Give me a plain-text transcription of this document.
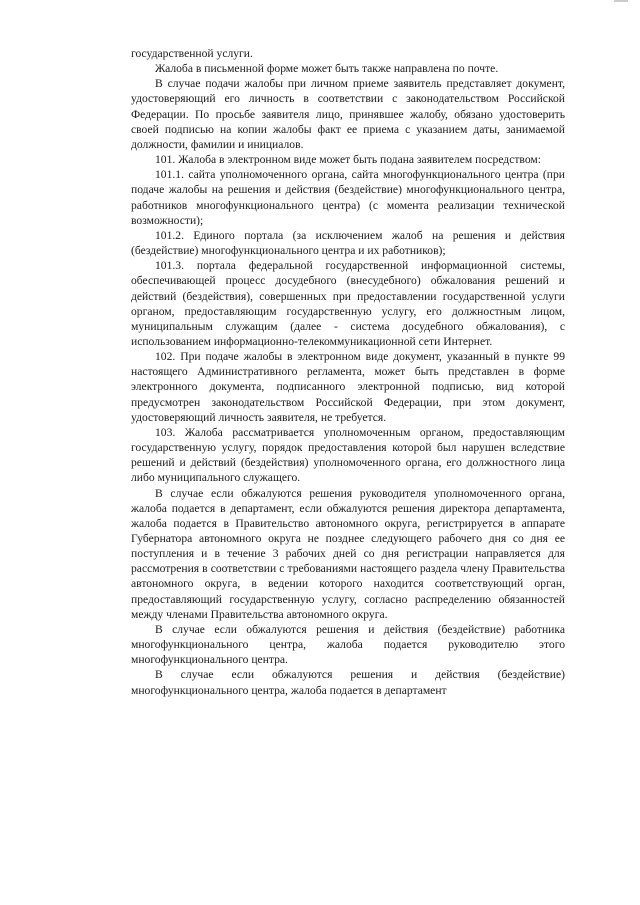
государственной услуги.

Жалоба в письменной форме может быть также направлена по почте.

В случае подачи жалобы при личном приеме заявитель представляет документ, удостоверяющий его личность в соответствии с законодательством Российской Федерации. По просьбе заявителя лицо, принявшее жалобу, обязано удостоверить своей подписью на копии жалобы факт ее приема с указанием даты, занимаемой должности, фамилии и инициалов.

101. Жалоба в электронном виде может быть подана заявителем посредством:

101.1. сайта уполномоченного органа, сайта многофункционального центра (при подаче жалобы на решения и действия (бездействие) многофункционального центра, работников многофункционального центра) (с момента реализации технической возможности);

101.2. Единого портала (за исключением жалоб на решения и действия (бездействие) многофункционального центра и их работников);

101.3. портала федеральной государственной информационной системы, обеспечивающей процесс досудебного (внесудебного) обжалования решений и действий (бездействия), совершенных при предоставлении государственной услуги органом, предоставляющим государственную услугу, его должностным лицом, муниципальным служащим (далее - система досудебного обжалования), с использованием информационно-телекоммуникационной сети Интернет.

102. При подаче жалобы в электронном виде документ, указанный в пункте 99 настоящего Административного регламента, может быть представлен в форме электронного документа, подписанного электронной подписью, вид которой предусмотрен законодательством Российской Федерации, при этом документ, удостоверяющий личность заявителя, не требуется.

103. Жалоба рассматривается уполномоченным органом, предоставляющим государственную услугу, порядок предоставления которой был нарушен вследствие решений и действий (бездействия) уполномоченного органа, его должностного лица либо муниципального служащего.

В случае если обжалуются решения руководителя уполномоченного органа, жалоба подается в департамент, если обжалуются решения директора департамента, жалоба подается в Правительство автономного округа, регистрируется в аппарате Губернатора автономного округа не позднее следующего рабочего дня со дня ее поступления и в течение 3 рабочих дней со дня регистрации направляется для рассмотрения в соответствии с требованиями настоящего раздела члену Правительства автономного округа, в ведении которого находится соответствующий орган, предоставляющий государственную услугу, согласно распределению обязанностей между членами Правительства автономного округа.

В случае если обжалуются решения и действия (бездействие) работника многофункционального центра, жалоба подается руководителю этого многофункционального центра.

В случае если обжалуются решения и действия (бездействие) многофункционального центра, жалоба подается в департамент
